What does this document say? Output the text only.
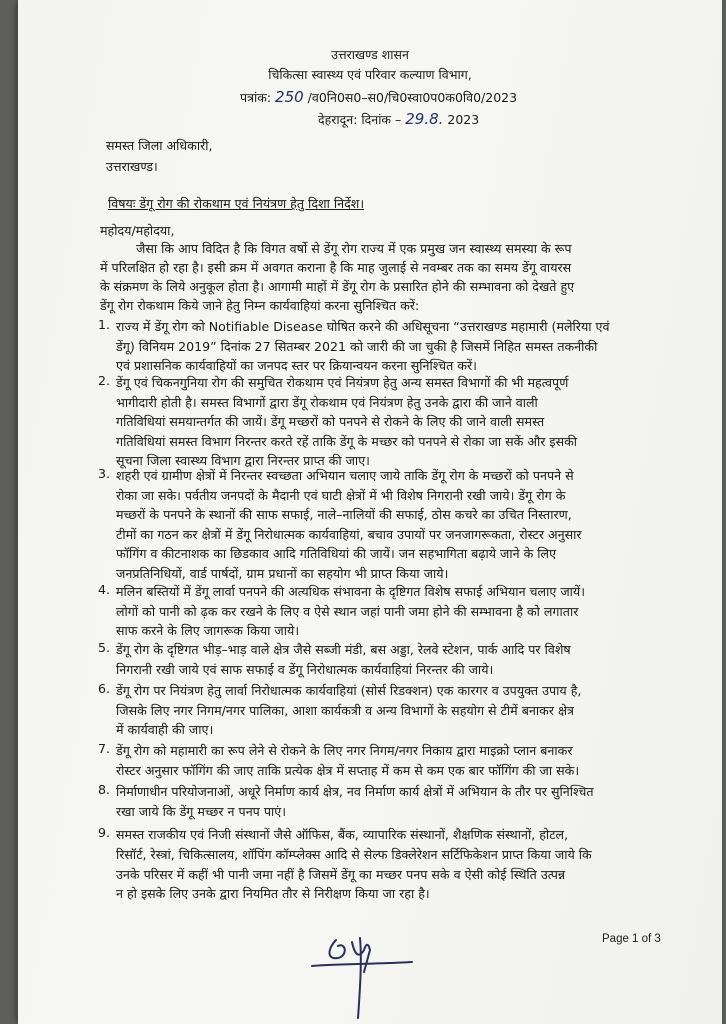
उत्तराखण्ड शासन
चिकित्सा स्वास्थ्य एवं परिवार कल्याण विभाग,
पत्रांक: 250 /व0नि0स0–स0/चि0स्वा0प0क0वि0/2023
देहरादून: दिनांक – 29.8. 2023
समस्त जिला अधिकारी,
उत्तराखण्ड।
विषयः डेंगू रोग की रोकथाम एवं नियंत्रण हेतु दिशा निर्देश।
महोदय/महोदया,
जैसा कि आप विदित है कि विगत वर्षो से डेंगू रोग राज्य में एक प्रमुख जन स्वास्थ्य समस्या के रूप
में परिलक्षित हो रहा है। इसी क्रम में अवगत कराना है कि माह जुलाई से नवम्बर तक का समय डेंगू वायरस
के संक्रमण के लिये अनुकूल होता है। आगामी माहों में डेंगू रोग के प्रसारित होने की सम्भावना को देखते हुए
डेंगू रोग रोकथाम किये जाने हेतु निम्न कार्यवाहियां करना सुनिश्चित करें:
1. राज्य में डेंगू रोग को Notifiable Disease घोषित करने की अधिसूचना “उत्तराखण्ड महामारी (मलेरिया एवं
डेंगू) विनियम 2019” दिनांक 27 सितम्बर 2021 को जारी की जा चुकी है जिसमें निहित समस्त तकनीकी
एवं प्रशासनिक कार्यवाहियों का जनपद स्तर पर क्रियान्वयन करना सुनिश्चित करें।
2. डेंगू एवं चिकनगुनिया रोग की समुचित रोकथाम एवं नियंत्रण हेतु अन्य समस्त विभागों की भी महत्वपूर्ण
भागीदारी होती है। समस्त विभागों द्वारा डेंगू रोकथाम एवं नियंत्रण हेतु उनके द्वारा की जाने वाली
गतिविधियां समयान्तर्गत की जायें। डेंगू मच्छरों को पनपने से रोकने के लिए की जाने वाली समस्त
गतिविधियां समस्त विभाग निरन्तर करते रहें ताकि डेंगू के मच्छर को पनपने से रोका जा सकें और इसकी
सूचना जिला स्वास्थ्य विभाग द्वारा निरन्तर प्राप्त की जाए।
3. शहरी एवं ग्रामीण क्षेत्रों में निरन्तर स्वच्छता अभियान चलाए जाये ताकि डेंगू रोग के मच्छरों को पनपने से
रोका जा सके। पर्वतीय जनपदों के मैदानी एवं घाटी क्षेत्रों में भी विशेष निगरानी रखी जाये। डेंगू रोग के
मच्छरों के पनपने के स्थानों की साफ सफाई, नाले–नालियों की सफाई, ठोस कचरे का उचित निस्तारण,
टीमों का गठन कर क्षेत्रों में डेंगू निरोधात्मक कार्यवाहियां, बचाव उपायों पर जनजागरूकता, रोस्टर अनुसार
फॉगिंग व कीटनाशक का छिडकाव आदि गतिविधियां की जायें। जन सहभागिता बढ़ाये जाने के लिए
जनप्रतिनिधियों, वार्ड पार्षदों, ग्राम प्रधानों का सहयोग भी प्राप्त किया जाये।
4. मलिन बस्तियों में डेंगू लार्वा पनपने की अत्यधिक संभावना के दृष्टिगत विशेष सफाई अभियान चलाए जायें।
लोगों को पानी को ढ़क कर रखने के लिए व ऐसे स्थान जहां पानी जमा होने की सम्भावना है को लगातार
साफ करने के लिए जागरूक किया जाये।
5. डेंगू रोग के दृष्टिगत भीड़–भाड़ वाले क्षेत्र जैसे सब्जी मंडी, बस अड्डा, रेलवे स्टेशन, पार्क आदि पर विशेष
निगरानी रखी जाये एवं साफ सफाई व डेंगू निरोधात्मक कार्यवाहियां निरन्तर की जाये।
6. डेंगू रोग पर नियंत्रण हेतु लार्वा निरोधात्मक कार्यवाहियां (सोर्स रिडक्शन) एक कारगर व उपयुक्त उपाय है,
जिसके लिए नगर निगम/नगर पालिका, आशा कार्यकत्री व अन्य विभागों के सहयोग से टीमें बनाकर क्षेत्र
में कार्यवाही की जाए।
7. डेंगू रोग को महामारी का रूप लेने से रोकने के लिए नगर निगम/नगर निकाय द्वारा माइक्रो प्लान बनाकर
रोस्टर अनुसार फॉगिंग की जाए ताकि प्रत्येक क्षेत्र में सप्ताह में कम से कम एक बार फॉगिंग की जा सके।
8. निर्माणाधीन परियोजनाओं, अधूरे निर्माण कार्य क्षेत्र, नव निर्माण कार्य क्षेत्रों में अभियान के तौर पर सुनिश्चित
रखा जाये कि डेंगू मच्छर न पनप पाएं।
9. समस्त राजकीय एवं निजी संस्थानों जैसे ऑफिस, बैंक, व्यापारिक संस्थानों, शैक्षणिक संस्थानों, होटल,
रिसॉर्ट, रेस्त्रां, चिकित्सालय, शॉपिंग कॉम्प्लेक्स आदि से सेल्फ डिक्लेरेशन सर्टिफिकेशन प्राप्त किया जाये कि
उनके परिसर में कहीं भी पानी जमा नहीं है जिसमें डेंगू का मच्छर पनप सके व ऐसी कोई स्थिति उत्पन्न
न हो इसके लिए उनके द्वारा नियमित तौर से निरीक्षण किया जा रहा है।
Page 1 of 3
